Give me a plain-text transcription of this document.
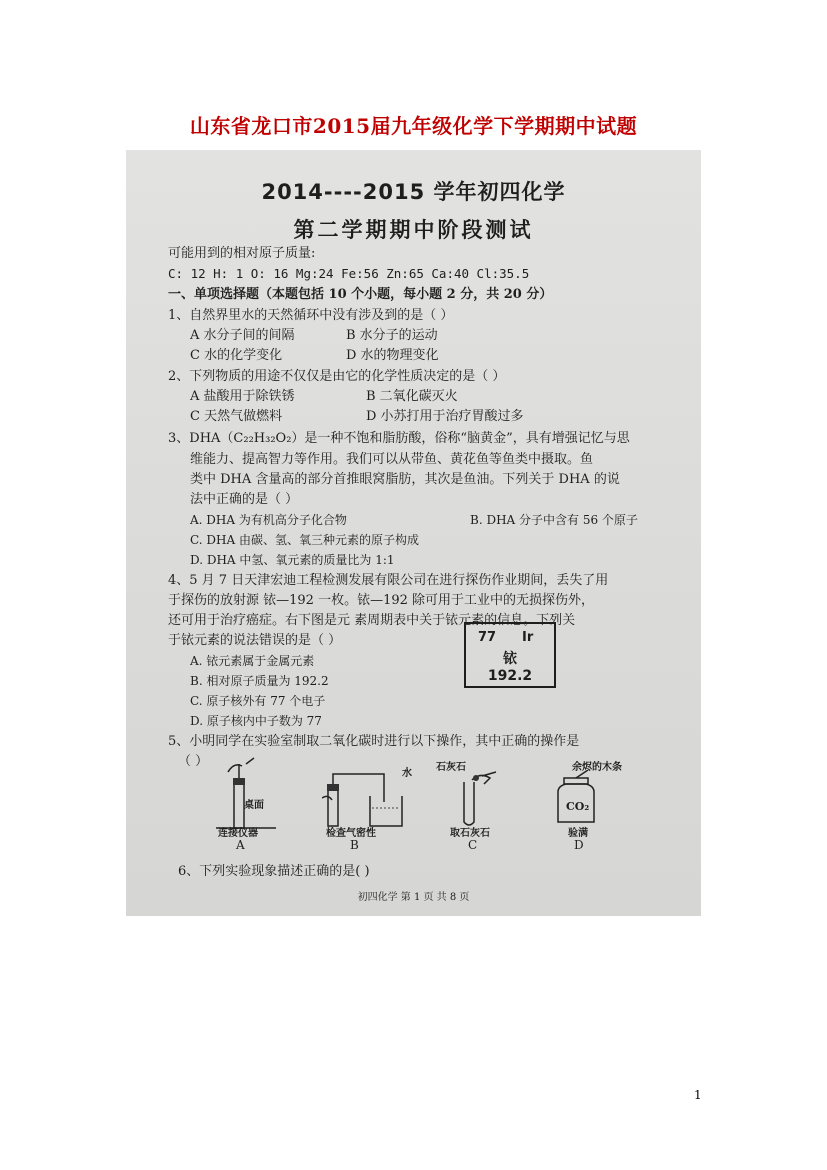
山东省龙口市2015届九年级化学下学期期中试题
2014----2015 学年初四化学
第二学期期中阶段测试
可能用到的相对原子质量:
C: 12 H: 1 O: 16 Mg:24 Fe:56 Zn:65 Ca:40 Cl:35.5
一、单项选择题（本题包括 10 个小题，每小题 2 分，共 20 分）
1、自然界里水的天然循环中没有涉及到的是（ ）
A 水分子间的间隔	B 水分子的运动
C 水的化学变化	D 水的物理变化
2、下列物质的用途不仅仅是由它的化学性质决定的是（ ）
A 盐酸用于除铁锈	B 二氧化碳灭火
C 天然气做燃料	D 小苏打用于治疗胃酸过多
3、DHA（C₂₂H₃₂O₂）是一种不饱和脂肪酸，俗称“脑黄金”，具有增强记忆与思
维能力、提高智力等作用。我们可以从带鱼、黄花鱼等鱼类中摄取。鱼
类中 DHA 含量高的部分首推眼窝脂肪，其次是鱼油。下列关于 DHA 的说
法中正确的是（ ）
A. DHA 为有机高分子化合物	B. DHA 分子中含有 56 个原子
C. DHA 由碳、氢、氧三种元素的原子构成
D. DHA 中氢、氧元素的质量比为 1:1
4、5 月 7 日天津宏迪工程检测发展有限公司在进行探伤作业期间，丢失了用
于探伤的放射源 铱—192 一枚。铱—192 除可用于工业中的无损探伤外，
还可用于治疗癌症。右下图是元 素周期表中关于铱元素的信息。下列关
于铱元素的说法错误的是（ ）
A. 铱元素属于金属元素
B. 相对原子质量为 192.2
C. 原子核外有 77 个电子
D. 原子核内中子数为 77
77 Ir
铱
192.2
5、小明同学在实验室制取二氧化碳时进行以下操作，其中正确的操作是
（ ）
桌面
连接仪器
A
水
检查气密性
B
石灰石
取石灰石
C
CO₂
余烬的木条
验满
D
6、下列实验现象描述正确的是( )
初四化学 第 1 页 共 8 页
1
